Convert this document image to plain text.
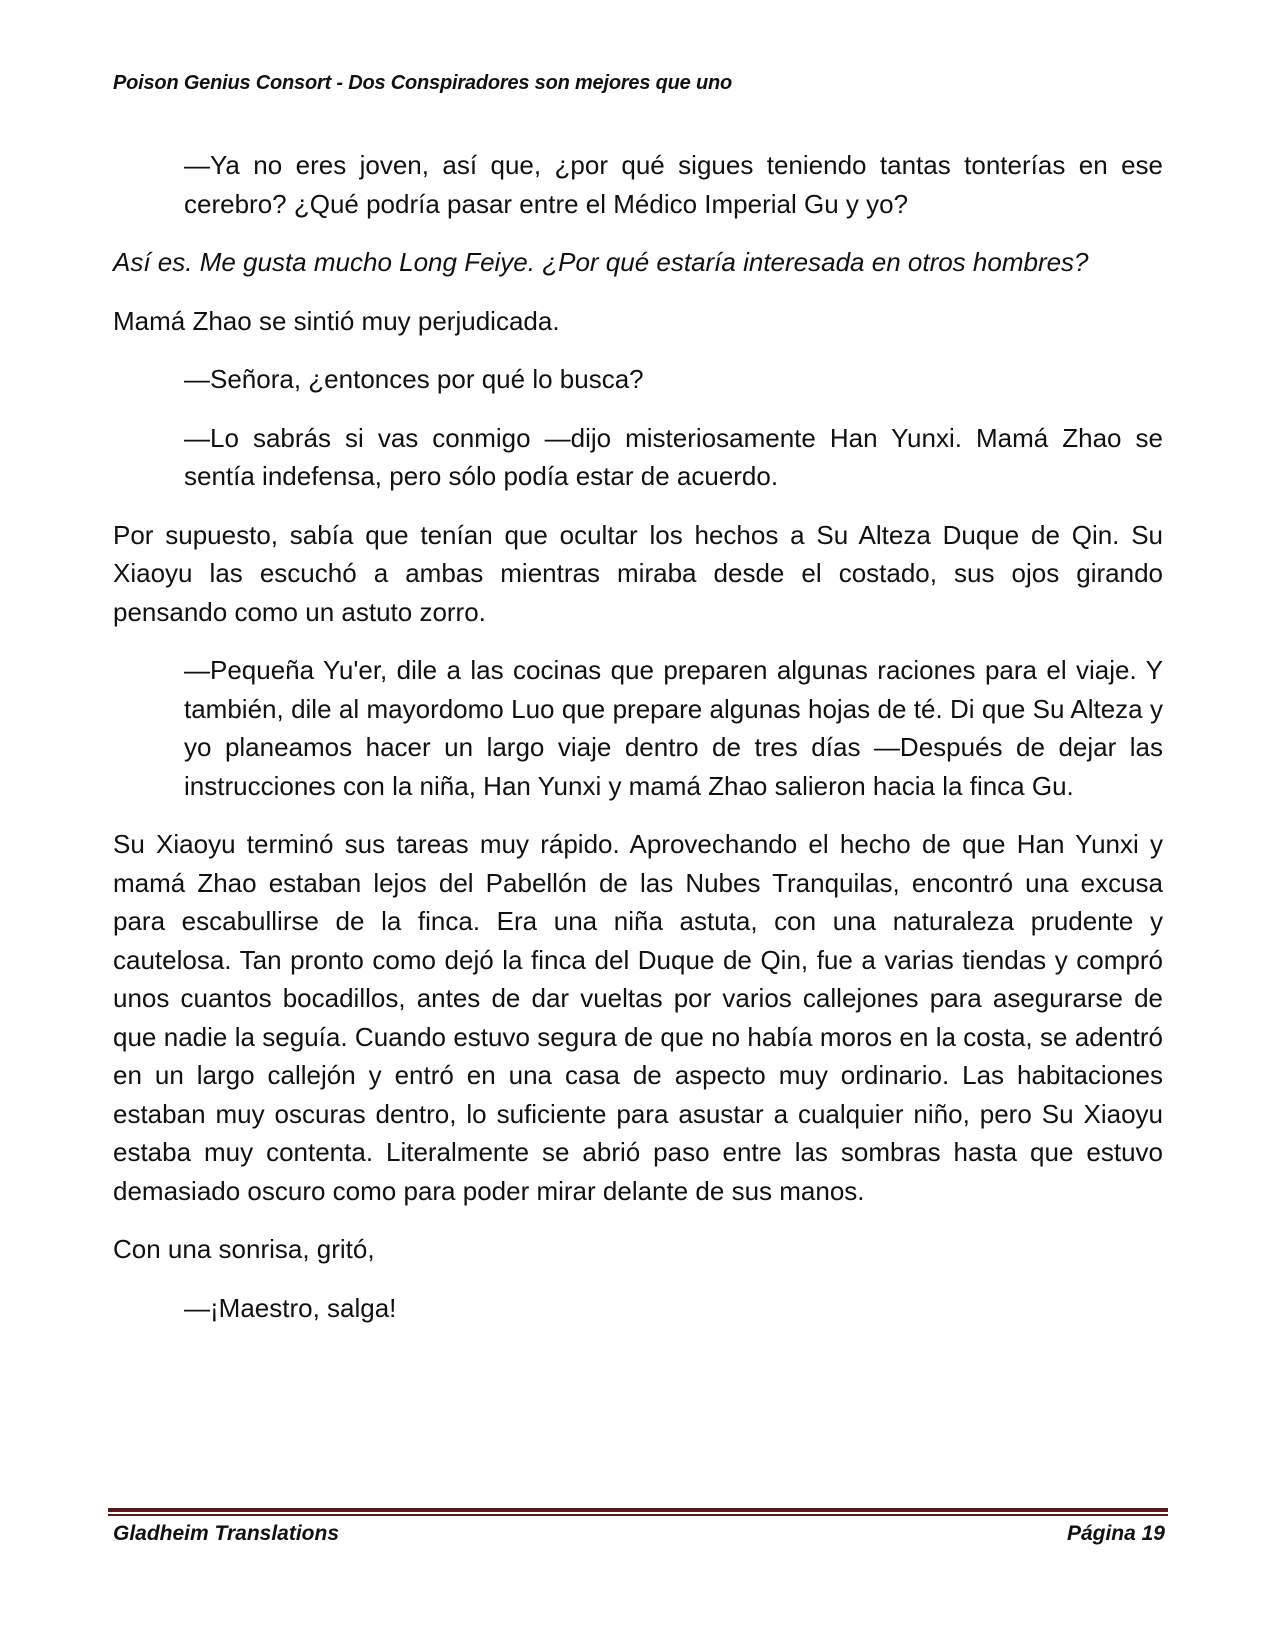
Poison Genius Consort - Dos Conspiradores son mejores que uno

—Ya no eres joven, así que, ¿por qué sigues teniendo tantas tonterías en ese cerebro? ¿Qué podría pasar entre el Médico Imperial Gu y yo?

Así es. Me gusta mucho Long Feiye. ¿Por qué estaría interesada en otros hombres?

Mamá Zhao se sintió muy perjudicada.

—Señora, ¿entonces por qué lo busca?

—Lo sabrás si vas conmigo —dijo misteriosamente Han Yunxi. Mamá Zhao se sentía indefensa, pero sólo podía estar de acuerdo.

Por supuesto, sabía que tenían que ocultar los hechos a Su Alteza Duque de Qin. Su Xiaoyu las escuchó a ambas mientras miraba desde el costado, sus ojos girando pensando como un astuto zorro.

—Pequeña Yu'er, dile a las cocinas que preparen algunas raciones para el viaje. Y también, dile al mayordomo Luo que prepare algunas hojas de té. Di que Su Alteza y yo planeamos hacer un largo viaje dentro de tres días —Después de dejar las instrucciones con la niña, Han Yunxi y mamá Zhao salieron hacia la finca Gu.

Su Xiaoyu terminó sus tareas muy rápido. Aprovechando el hecho de que Han Yunxi y mamá Zhao estaban lejos del Pabellón de las Nubes Tranquilas, encontró una excusa para escabullirse de la finca. Era una niña astuta, con una naturaleza prudente y cautelosa. Tan pronto como dejó la finca del Duque de Qin, fue a varias tiendas y compró unos cuantos bocadillos, antes de dar vueltas por varios callejones para asegurarse de que nadie la seguía. Cuando estuvo segura de que no había moros en la costa, se adentró en un largo callejón y entró en una casa de aspecto muy ordinario. Las habitaciones estaban muy oscuras dentro, lo suficiente para asustar a cualquier niño, pero Su Xiaoyu estaba muy contenta. Literalmente se abrió paso entre las sombras hasta que estuvo demasiado oscuro como para poder mirar delante de sus manos.

Con una sonrisa, gritó,

—¡Maestro, salga!

Gladheim Translations	Página 19
